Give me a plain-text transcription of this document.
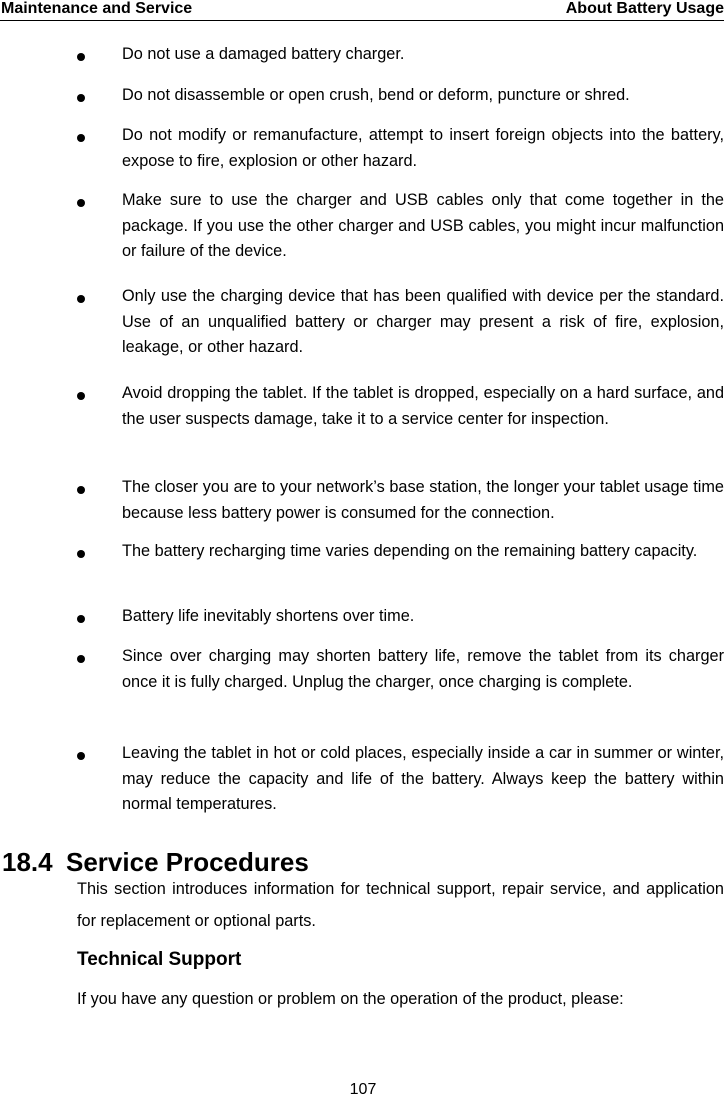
Maintenance and Service	About Battery Usage
Do not use a damaged battery charger.
Do not disassemble or open crush, bend or deform, puncture or shred.
Do not modify or remanufacture, attempt to insert foreign objects into the battery, expose to fire, explosion or other hazard.
Make sure to use the charger and USB cables only that come together in the package. If you use the other charger and USB cables, you might incur malfunction or failure of the device.
Only use the charging device that has been qualified with device per the standard. Use of an unqualified battery or charger may present a risk of fire, explosion, leakage, or other hazard.
Avoid dropping the tablet. If the tablet is dropped, especially on a hard surface, and the user suspects damage, take it to a service center for inspection.
The closer you are to your network’s base station, the longer your tablet usage time because less battery power is consumed for the connection.
The battery recharging time varies depending on the remaining battery capacity.
Battery life inevitably shortens over time.
Since over charging may shorten battery life, remove the tablet from its charger once it is fully charged. Unplug the charger, once charging is complete.
Leaving the tablet in hot or cold places, especially inside a car in summer or winter, may reduce the capacity and life of the battery. Always keep the battery within normal temperatures.
18.4 Service Procedures
This section introduces information for technical support, repair service, and application for replacement or optional parts.
Technical Support
If you have any question or problem on the operation of the product, please:
107
